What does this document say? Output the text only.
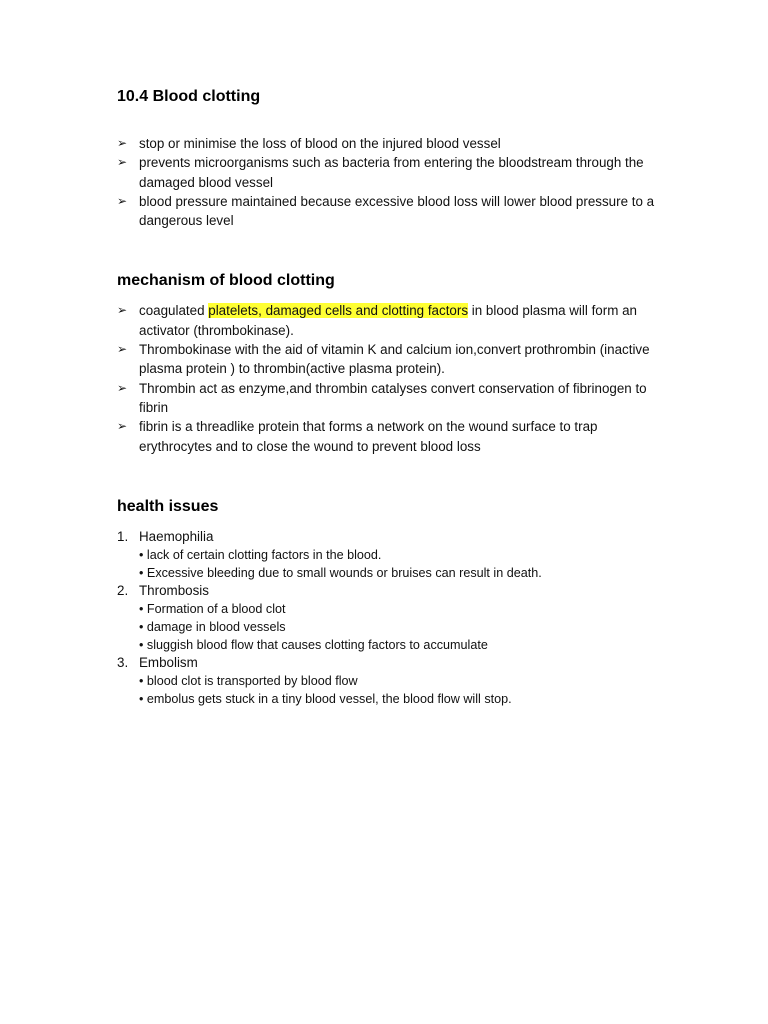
10.4 Blood clotting
➢ stop or minimise the loss of blood on the injured blood vessel
➢ prevents microorganisms such as bacteria from entering the bloodstream through the damaged blood vessel
➢ blood pressure maintained because excessive blood loss will lower blood pressure to a dangerous level
mechanism of blood clotting
➢ coagulated platelets, damaged cells and clotting factors in blood plasma will form an activator (thrombokinase).
➢ Thrombokinase with the aid of vitamin K and calcium ion,convert prothrombin (inactive plasma protein ) to thrombin(active plasma protein).
➢ Thrombin act as enzyme,and thrombin catalyses convert conservation of fibrinogen to fibrin
➢ fibrin is a threadlike protein that forms a network on the wound surface to trap erythrocytes and to close the wound to prevent blood loss
health issues
1. Haemophilia
• lack of certain clotting factors in the blood.
• Excessive bleeding due to small wounds or bruises can result in death.
2. Thrombosis
• Formation of a blood clot
• damage in blood vessels
• sluggish blood flow that causes clotting factors to accumulate
3. Embolism
• blood clot is transported by blood flow
• embolus gets stuck in a tiny blood vessel, the blood flow will stop.
